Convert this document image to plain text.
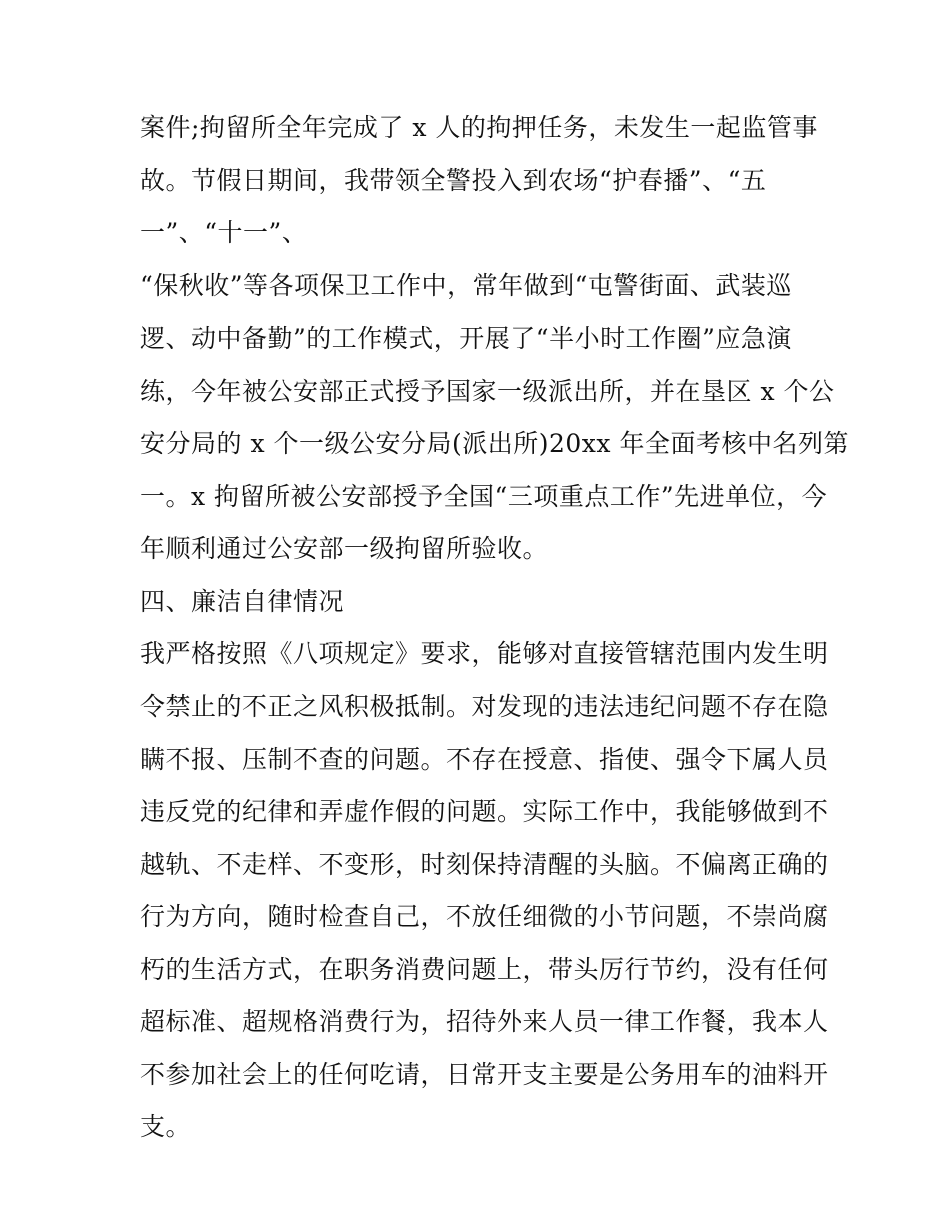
案件;拘留所全年完成了 x 人的拘押任务，未发生一起监管事
故。节假日期间，我带领全警投入到农场“护春播”、“五
一”、“十一”、
“保秋收”等各项保卫工作中，常年做到“屯警街面、武装巡
逻、动中备勤”的工作模式，开展了“半小时工作圈”应急演
练，今年被公安部正式授予国家一级派出所，并在垦区 x 个公
安分局的 x 个一级公安分局(派出所)20xx 年全面考核中名列第
一。x 拘留所被公安部授予全国“三项重点工作”先进单位，今
年顺利通过公安部一级拘留所验收。
四、廉洁自律情况
我严格按照《八项规定》要求，能够对直接管辖范围内发生明
令禁止的不正之风积极抵制。对发现的违法违纪问题不存在隐
瞒不报、压制不查的问题。不存在授意、指使、强令下属人员
违反党的纪律和弄虚作假的问题。实际工作中，我能够做到不
越轨、不走样、不变形，时刻保持清醒的头脑。不偏离正确的
行为方向，随时检查自己，不放任细微的小节问题，不崇尚腐
朽的生活方式，在职务消费问题上，带头厉行节约，没有任何
超标准、超规格消费行为，招待外来人员一律工作餐，我本人
不参加社会上的任何吃请，日常开支主要是公务用车的油料开
支。
